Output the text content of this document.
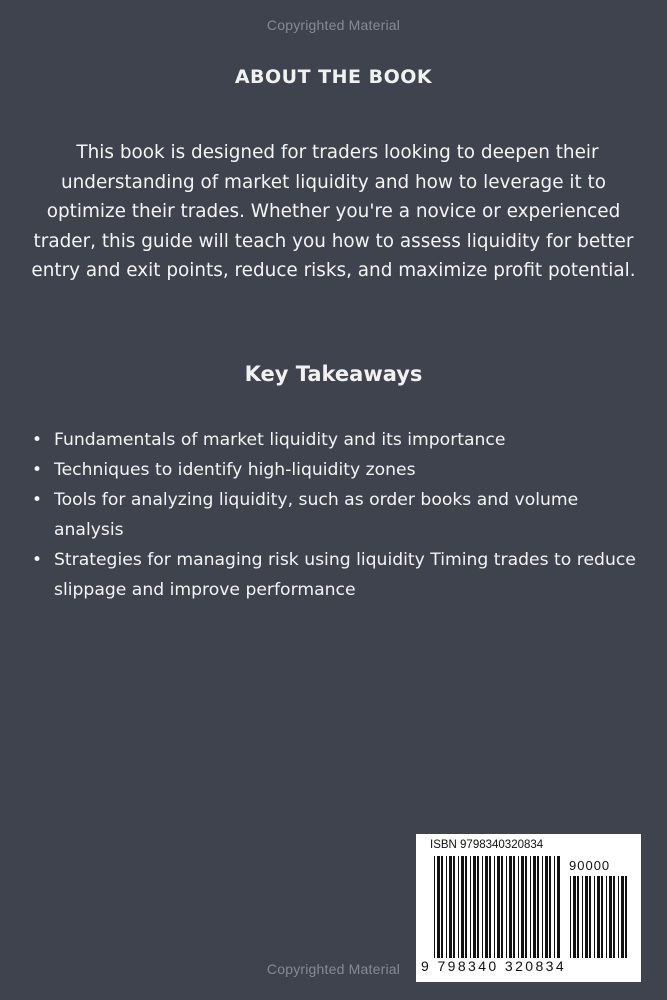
Copyrighted Material
ABOUT THE BOOK

This book is designed for traders looking to deepen their understanding of market liquidity and how to leverage it to optimize their trades. Whether you're a novice or experienced trader, this guide will teach you how to assess liquidity for better entry and exit points, reduce risks, and maximize profit potential.

Key Takeaways
• Fundamentals of market liquidity and its importance
• Techniques to identify high-liquidity zones
• Tools for analyzing liquidity, such as order books and volume analysis
• Strategies for managing risk using liquidity Timing trades to reduce slippage and improve performance
ISBN 9798340320834
90000
9 798340 320834
Copyrighted Material
